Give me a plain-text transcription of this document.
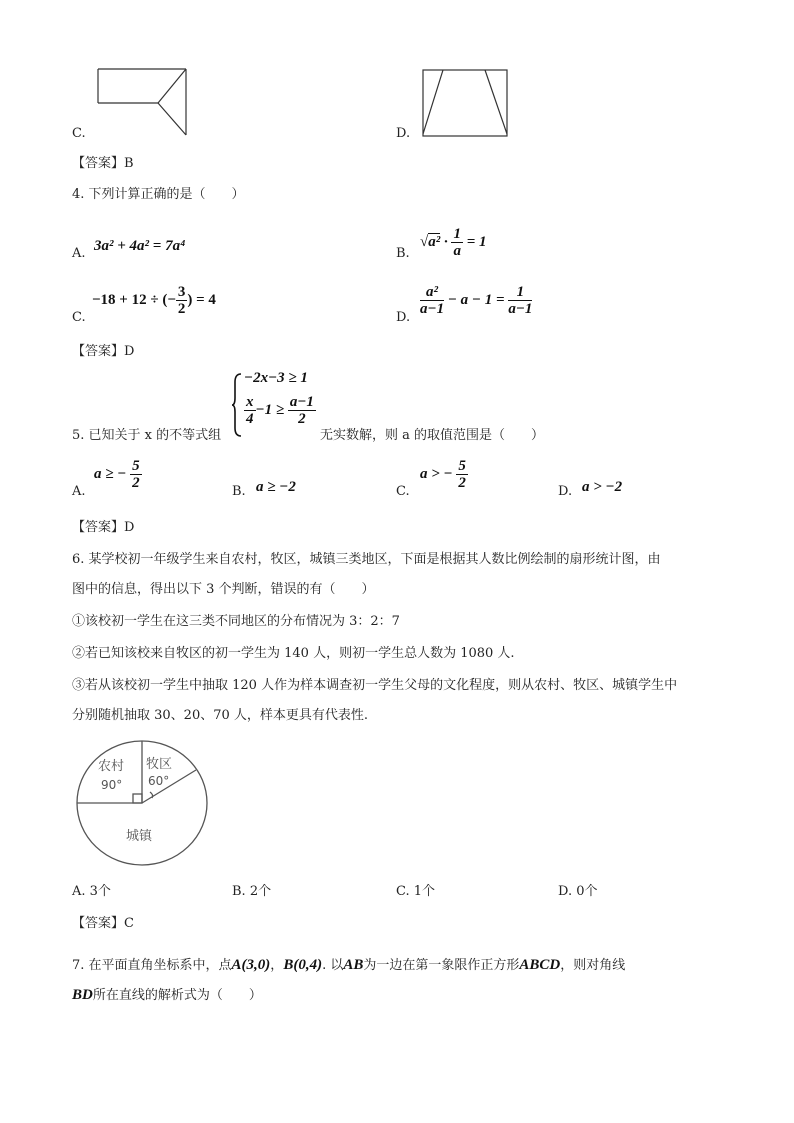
C.	D.
【答案】B
4. 下列计算正确的是（　　）
A. 3a² + 4a² = 7a⁴	B.
$√a^2 \cdot \frac{1}{a} = 1$
C.
−18 + 12 ÷ (− $\frac{3}{2}$ ) = 4
D.
$\frac{\text{a²}}{a-1} - a - 1 = \frac{1}{a-1}$
【答案】D
5. 已知关于 x 的不等式组
−2x−3 ≥ 1
$\frac{x}{4} -1 \ge \frac{a-1}{2}$
无实数解，则 a 的取值范围是（　　）
A.
a ≥ − $\frac{5}{2}$
B. a ≥ −2	C.
a > − $\frac{5}{2}$
D. a > −2
【答案】D
6. 某学校初一年级学生来自农村，牧区，城镇三类地区，下面是根据其人数比例绘制的扇形统计图，由
图中的信息，得出以下 3 个判断，错误的有（　　）
①该校初一学生在这三类不同地区的分布情况为 3：2：7
②若已知该校来自牧区的初一学生为 140 人，则初一学生总人数为 1080 人.
③若从该校初一学生中抽取 120 人作为样本调查初一学生父母的文化程度，则从农村、牧区、城镇学生中
分别随机抽取 30、20、70 人，样本更具有代表性.
农村
90°
牧区
60°
城镇
A. 3个	B. 2个	C. 1个	D. 0个
【答案】C
7. 在平面直角坐标系中，点A(3,0)，B(0,4). 以AB为一边在第一象限作正方形ABCD，则对角线
BD所在直线的解析式为（　　）
